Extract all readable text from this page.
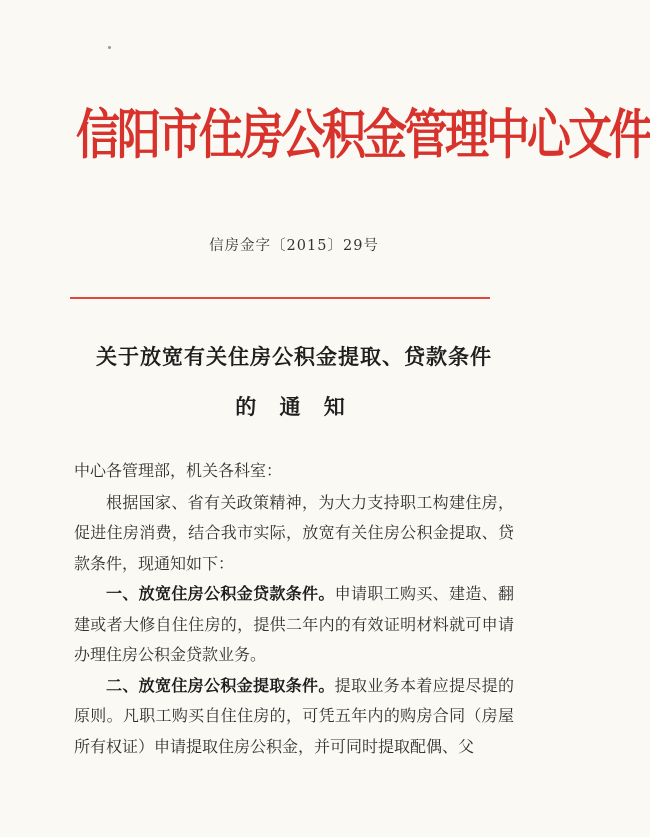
信阳市住房公积金管理中心文件
信房金字〔2015〕29号
关于放宽有关住房公积金提取、贷款条件
的 通 知

中心各管理部，机关各科室：

根据国家、省有关政策精神，为大力支持职工构建住房，促进住房消费，结合我市实际，放宽有关住房公积金提取、贷款条件，现通知如下：

一、放宽住房公积金贷款条件。申请职工购买、建造、翻建或者大修自住住房的，提供二年内的有效证明材料就可申请办理住房公积金贷款业务。

二、放宽住房公积金提取条件。提取业务本着应提尽提的原则。凡职工购买自住住房的，可凭五年内的购房合同（房屋所有权证）申请提取住房公积金，并可同时提取配偶、父
